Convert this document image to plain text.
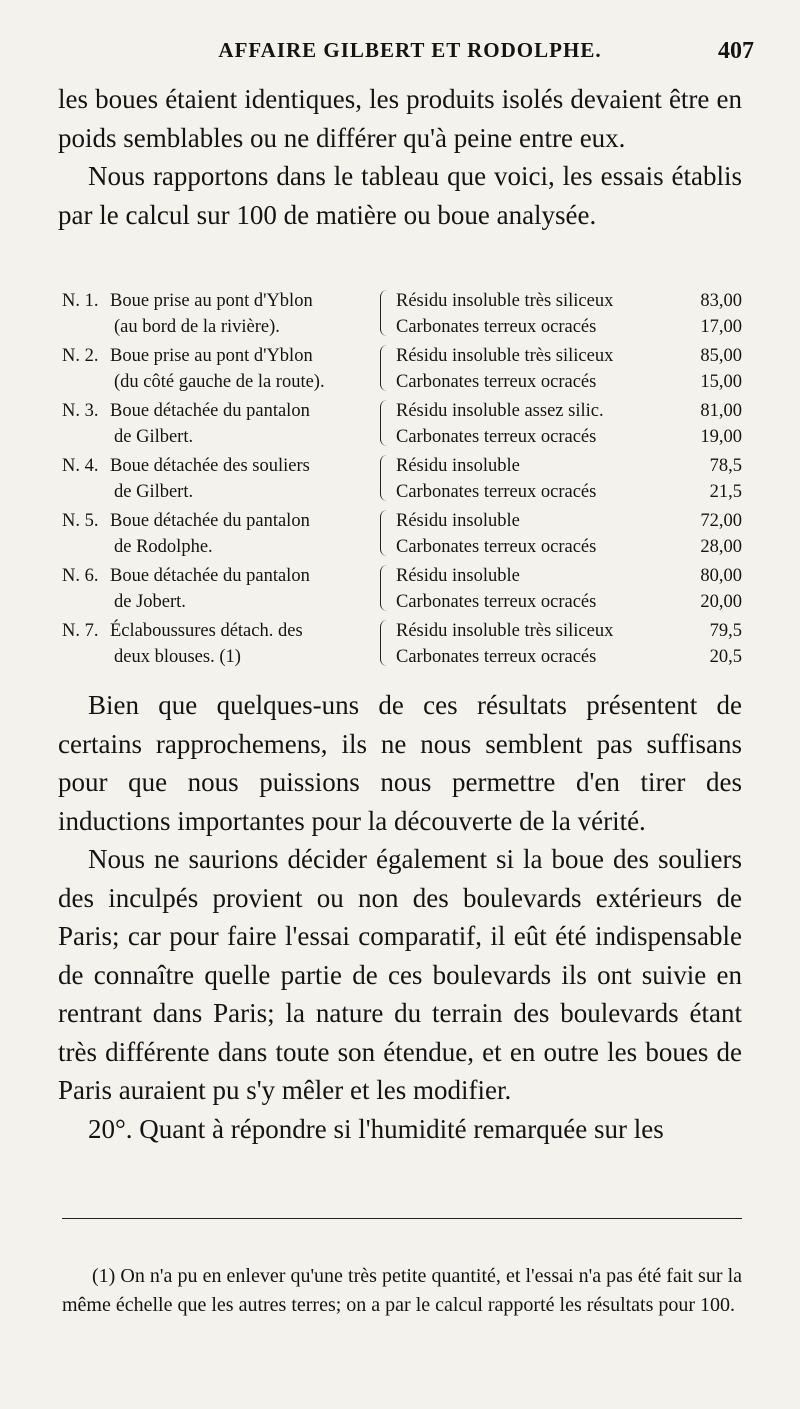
AFFAIRE GILBERT ET RODOLPHE.	407

les boues étaient identiques, les produits isolés devaient être en poids semblables ou ne différer qu'à peine entre eux.

Nous rapportons dans le tableau que voici, les essais établis par le calcul sur 100 de matière ou boue analysée.

N. 1. Boue prise au pont d'Yblon	Résidu insoluble très siliceux	83,00
(au bord de la rivière).	Carbonates terreux ocracés	17,00
N. 2. Boue prise au pont d'Yblon	Résidu insoluble très siliceux	85,00
(du côté gauche de la route).	Carbonates terreux ocracés	15,00
N. 3. Boue détachée du pantalon	Résidu insoluble assez silic.	81,00
de Gilbert.	Carbonates terreux ocracés	19,00
N. 4. Boue détachée des souliers	Résidu insoluble	78,5
de Gilbert.	Carbonates terreux ocracés	21,5
N. 5. Boue détachée du pantalon	Résidu insoluble	72,00
de Rodolphe.	Carbonates terreux ocracés	28,00
N. 6. Boue détachée du pantalon	Résidu insoluble	80,00
de Jobert.	Carbonates terreux ocracés	20,00
N. 7. Éclaboussures détach. des	Résidu insoluble très siliceux	79,5
deux blouses. (1)	Carbonates terreux ocracés	20,5

Bien que quelques-uns de ces résultats présentent de certains rapprochemens, ils ne nous semblent pas suffisans pour que nous puissions nous permettre d'en tirer des inductions importantes pour la découverte de la vérité.

Nous ne saurions décider également si la boue des souliers des inculpés provient ou non des boulevards extérieurs de Paris; car pour faire l'essai comparatif, il eût été indispensable de connaître quelle partie de ces boulevards ils ont suivie en rentrant dans Paris; la nature du terrain des boulevards étant très différente dans toute son étendue, et en outre les boues de Paris auraient pu s'y mêler et les modifier.

20°. Quant à répondre si l'humidité remarquée sur les

(1) On n'a pu en enlever qu'une très petite quantité, et l'essai n'a pas été fait sur la même échelle que les autres terres; on a par le calcul rapporté les résultats pour 100.
